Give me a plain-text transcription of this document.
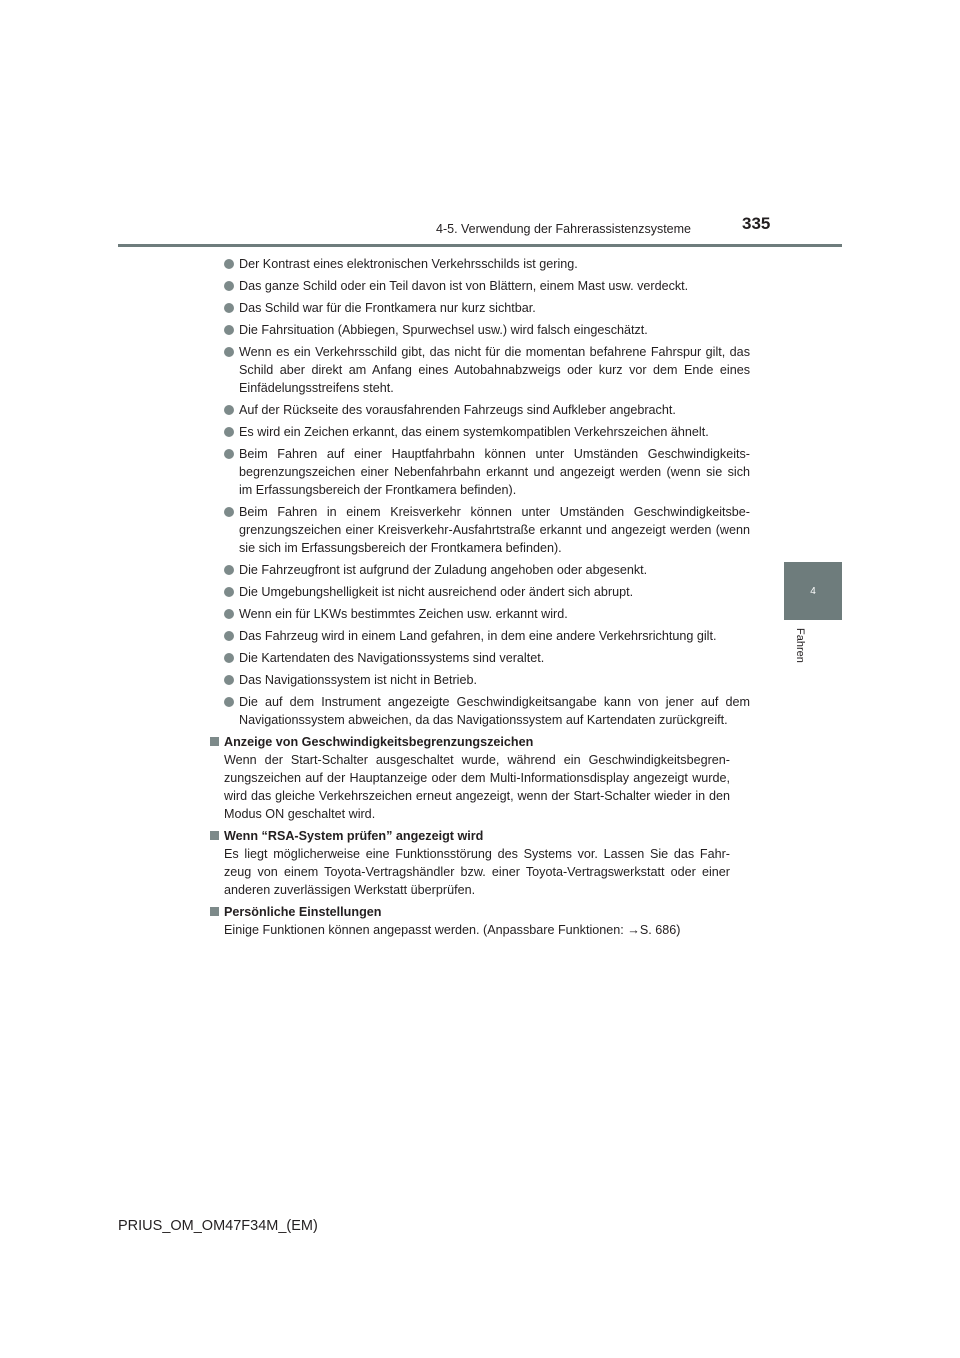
4-5. Verwendung der Fahrerassistenzsysteme	335
4
Fahren
Der Kontrast eines elektronischen Verkehrsschilds ist gering.
Das ganze Schild oder ein Teil davon ist von Blättern, einem Mast usw. verdeckt.
Das Schild war für die Frontkamera nur kurz sichtbar.
Die Fahrsituation (Abbiegen, Spurwechsel usw.) wird falsch eingeschätzt.
Wenn es ein Verkehrsschild gibt, das nicht für die momentan befahrene Fahrspur gilt, das Schild aber direkt am Anfang eines Autobahnabzweigs oder kurz vor dem Ende eines Einfädelungsstreifens steht.
Auf der Rückseite des vorausfahrenden Fahrzeugs sind Aufkleber angebracht.
Es wird ein Zeichen erkannt, das einem systemkompatiblen Verkehrszeichen ähnelt.
Beim Fahren auf einer Hauptfahrbahn können unter Umständen Geschwindigkeits-begrenzungszeichen einer Nebenfahrbahn erkannt und angezeigt werden (wenn sie sich im Erfassungsbereich der Frontkamera befinden).
Beim Fahren in einem Kreisverkehr können unter Umständen Geschwindigkeitsbe-grenzungszeichen einer Kreisverkehr-Ausfahrtstraße erkannt und angezeigt werden (wenn sie sich im Erfassungsbereich der Frontkamera befinden).
Die Fahrzeugfront ist aufgrund der Zuladung angehoben oder abgesenkt.
Die Umgebungshelligkeit ist nicht ausreichend oder ändert sich abrupt.
Wenn ein für LKWs bestimmtes Zeichen usw. erkannt wird.
Das Fahrzeug wird in einem Land gefahren, in dem eine andere Verkehrsrichtung gilt.
Die Kartendaten des Navigationssystems sind veraltet.
Das Navigationssystem ist nicht in Betrieb.
Die auf dem Instrument angezeigte Geschwindigkeitsangabe kann von jener auf dem Navigationssystem abweichen, da das Navigationssystem auf Kartendaten zurückgreift.
Anzeige von Geschwindigkeitsbegrenzungszeichen
Wenn der Start-Schalter ausgeschaltet wurde, während ein Geschwindigkeitsbegren-zungszeichen auf der Hauptanzeige oder dem Multi-Informationsdisplay angezeigt wurde, wird das gleiche Verkehrszeichen erneut angezeigt, wenn der Start-Schalter wieder in den Modus ON geschaltet wird.
Wenn “RSA-System prüfen” angezeigt wird
Es liegt möglicherweise eine Funktionsstörung des Systems vor. Lassen Sie das Fahr-zeug von einem Toyota-Vertragshändler bzw. einer Toyota-Vertragswerkstatt oder einer anderen zuverlässigen Werkstatt überprüfen.
Persönliche Einstellungen
Einige Funktionen können angepasst werden. (Anpassbare Funktionen: →S. 686)
PRIUS_OM_OM47F34M_(EM)
